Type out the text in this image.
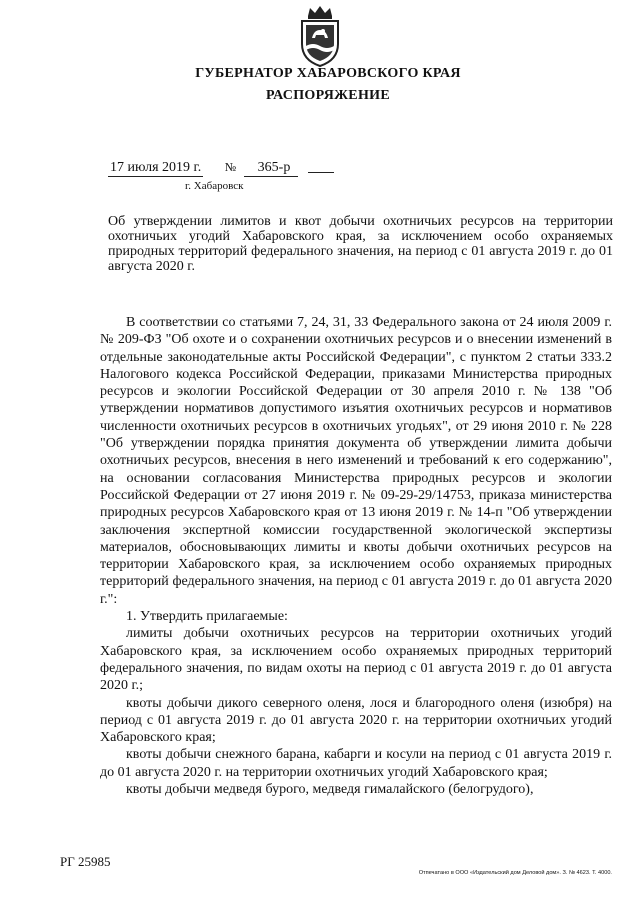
ГУБЕРНАТОР ХАБАРОВСКОГО КРАЯ
РАСПОРЯЖЕНИЕ
17 июля 2019 г. № 365-р
г. Хабаровск
Об утверждении лимитов и квот добычи охотничьих ресурсов на территории охотничьих угодий Хабаровского края, за исключением особо охраняемых природных территорий федерального значения, на период с 01 августа 2019 г. до 01 августа 2020 г.

В соответствии со статьями 7, 24, 31, 33 Федерального закона от 24 июля 2009 г. № 209-ФЗ "Об охоте и о сохранении охотничьих ресурсов и о внесении изменений в отдельные законодательные акты Российской Федерации", с пунктом 2 статьи 333.2 Налогового кодекса Российской Федерации, приказами Министерства природных ресурсов и экологии Российской Федерации от 30 апреля 2010 г. № 138 "Об утверждении нормативов допустимого изъятия охотничьих ресурсов и нормативов численности охотничьих ресурсов в охотничьих угодьях", от 29 июня 2010 г. № 228 "Об утверждении порядка принятия документа об утверждении лимита добычи охотничьих ресурсов, внесения в него изменений и требований к его содержанию", на основании согласования Министерства природных ресурсов и экологии Российской Федерации от 27 июня 2019 г. № 09-29-29/14753, приказа министерства природных ресурсов Хабаровского края от 13 июня 2019 г. № 14-п "Об утверждении заключения экспертной комиссии государственной экологической экспертизы материалов, обосновывающих лимиты и квоты добычи охотничьих ресурсов на территории Хабаровского края, за исключением особо охраняемых природных территорий федерального значения, на период с 01 августа 2019 г. до 01 августа 2020 г.":

1. Утвердить прилагаемые:

лимиты добычи охотничьих ресурсов на территории охотничьих угодий Хабаровского края, за исключением особо охраняемых природных территорий федерального значения, по видам охоты на период с 01 августа 2019 г. до 01 августа 2020 г.;

квоты добычи дикого северного оленя, лося и благородного оленя (изюбря) на период с 01 августа 2019 г. до 01 августа 2020 г. на территории охотничьих угодий Хабаровского края;

квоты добычи снежного барана, кабарги и косули на период с 01 августа 2019 г. до 01 августа 2020 г. на территории охотничьих угодий Хабаровского края;

квоты добычи медведя бурого, медведя гималайского (белогрудого),

РГ 25985
Отпечатано в ООО «Издательский дом Деловой дом». З. № 4623. Т. 4000.
